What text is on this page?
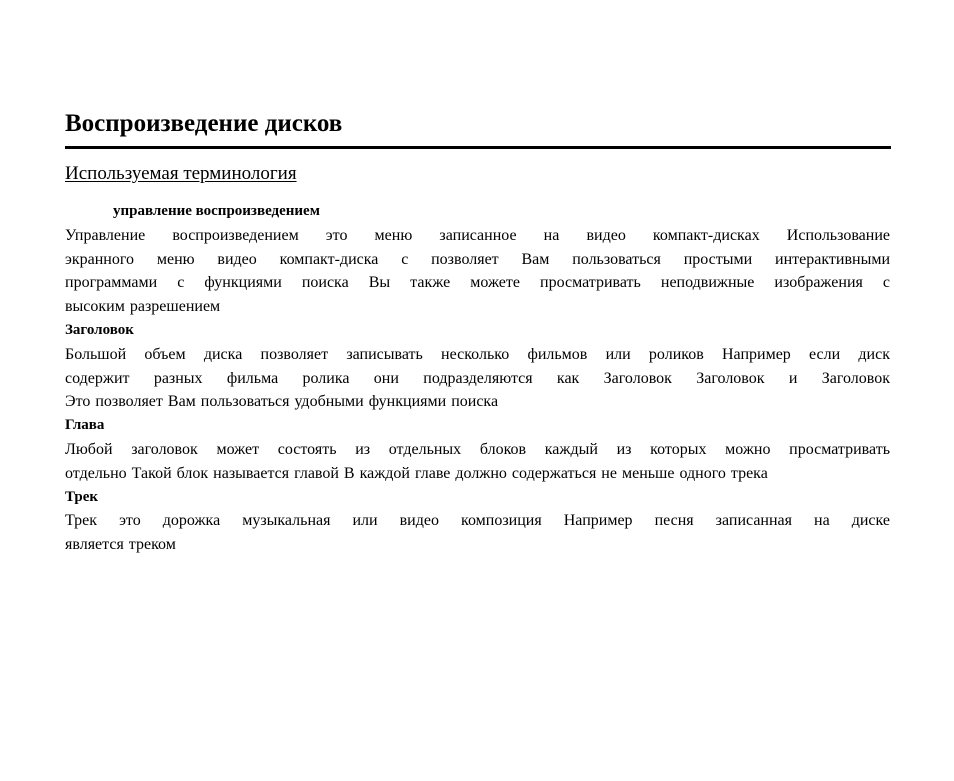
Воспроизведение дисков
Используемая терминология
управление воспроизведением
Управление воспроизведением это меню записанное на видео компакт-дисках Использование
экранного меню видео компакт-диска с позволяет Вам пользоваться простыми интерактивными
программами с функциями поиска Вы также можете просматривать неподвижные изображения с
высоким разрешением
Заголовок
Большой объем диска позволяет записывать несколько фильмов или роликов Например если диск
содержит разных фильма ролика они подразделяются как Заголовок Заголовок и Заголовок
Это позволяет Вам пользоваться удобными функциями поиска
Глава
Любой заголовок может состоять из отдельных блоков каждый из которых можно просматривать
отдельно Такой блок называется главой В каждой главе должно содержаться не меньше одного трека
Трек
Трек это дорожка музыкальная или видео композиция Например песня записанная на диске
является треком
